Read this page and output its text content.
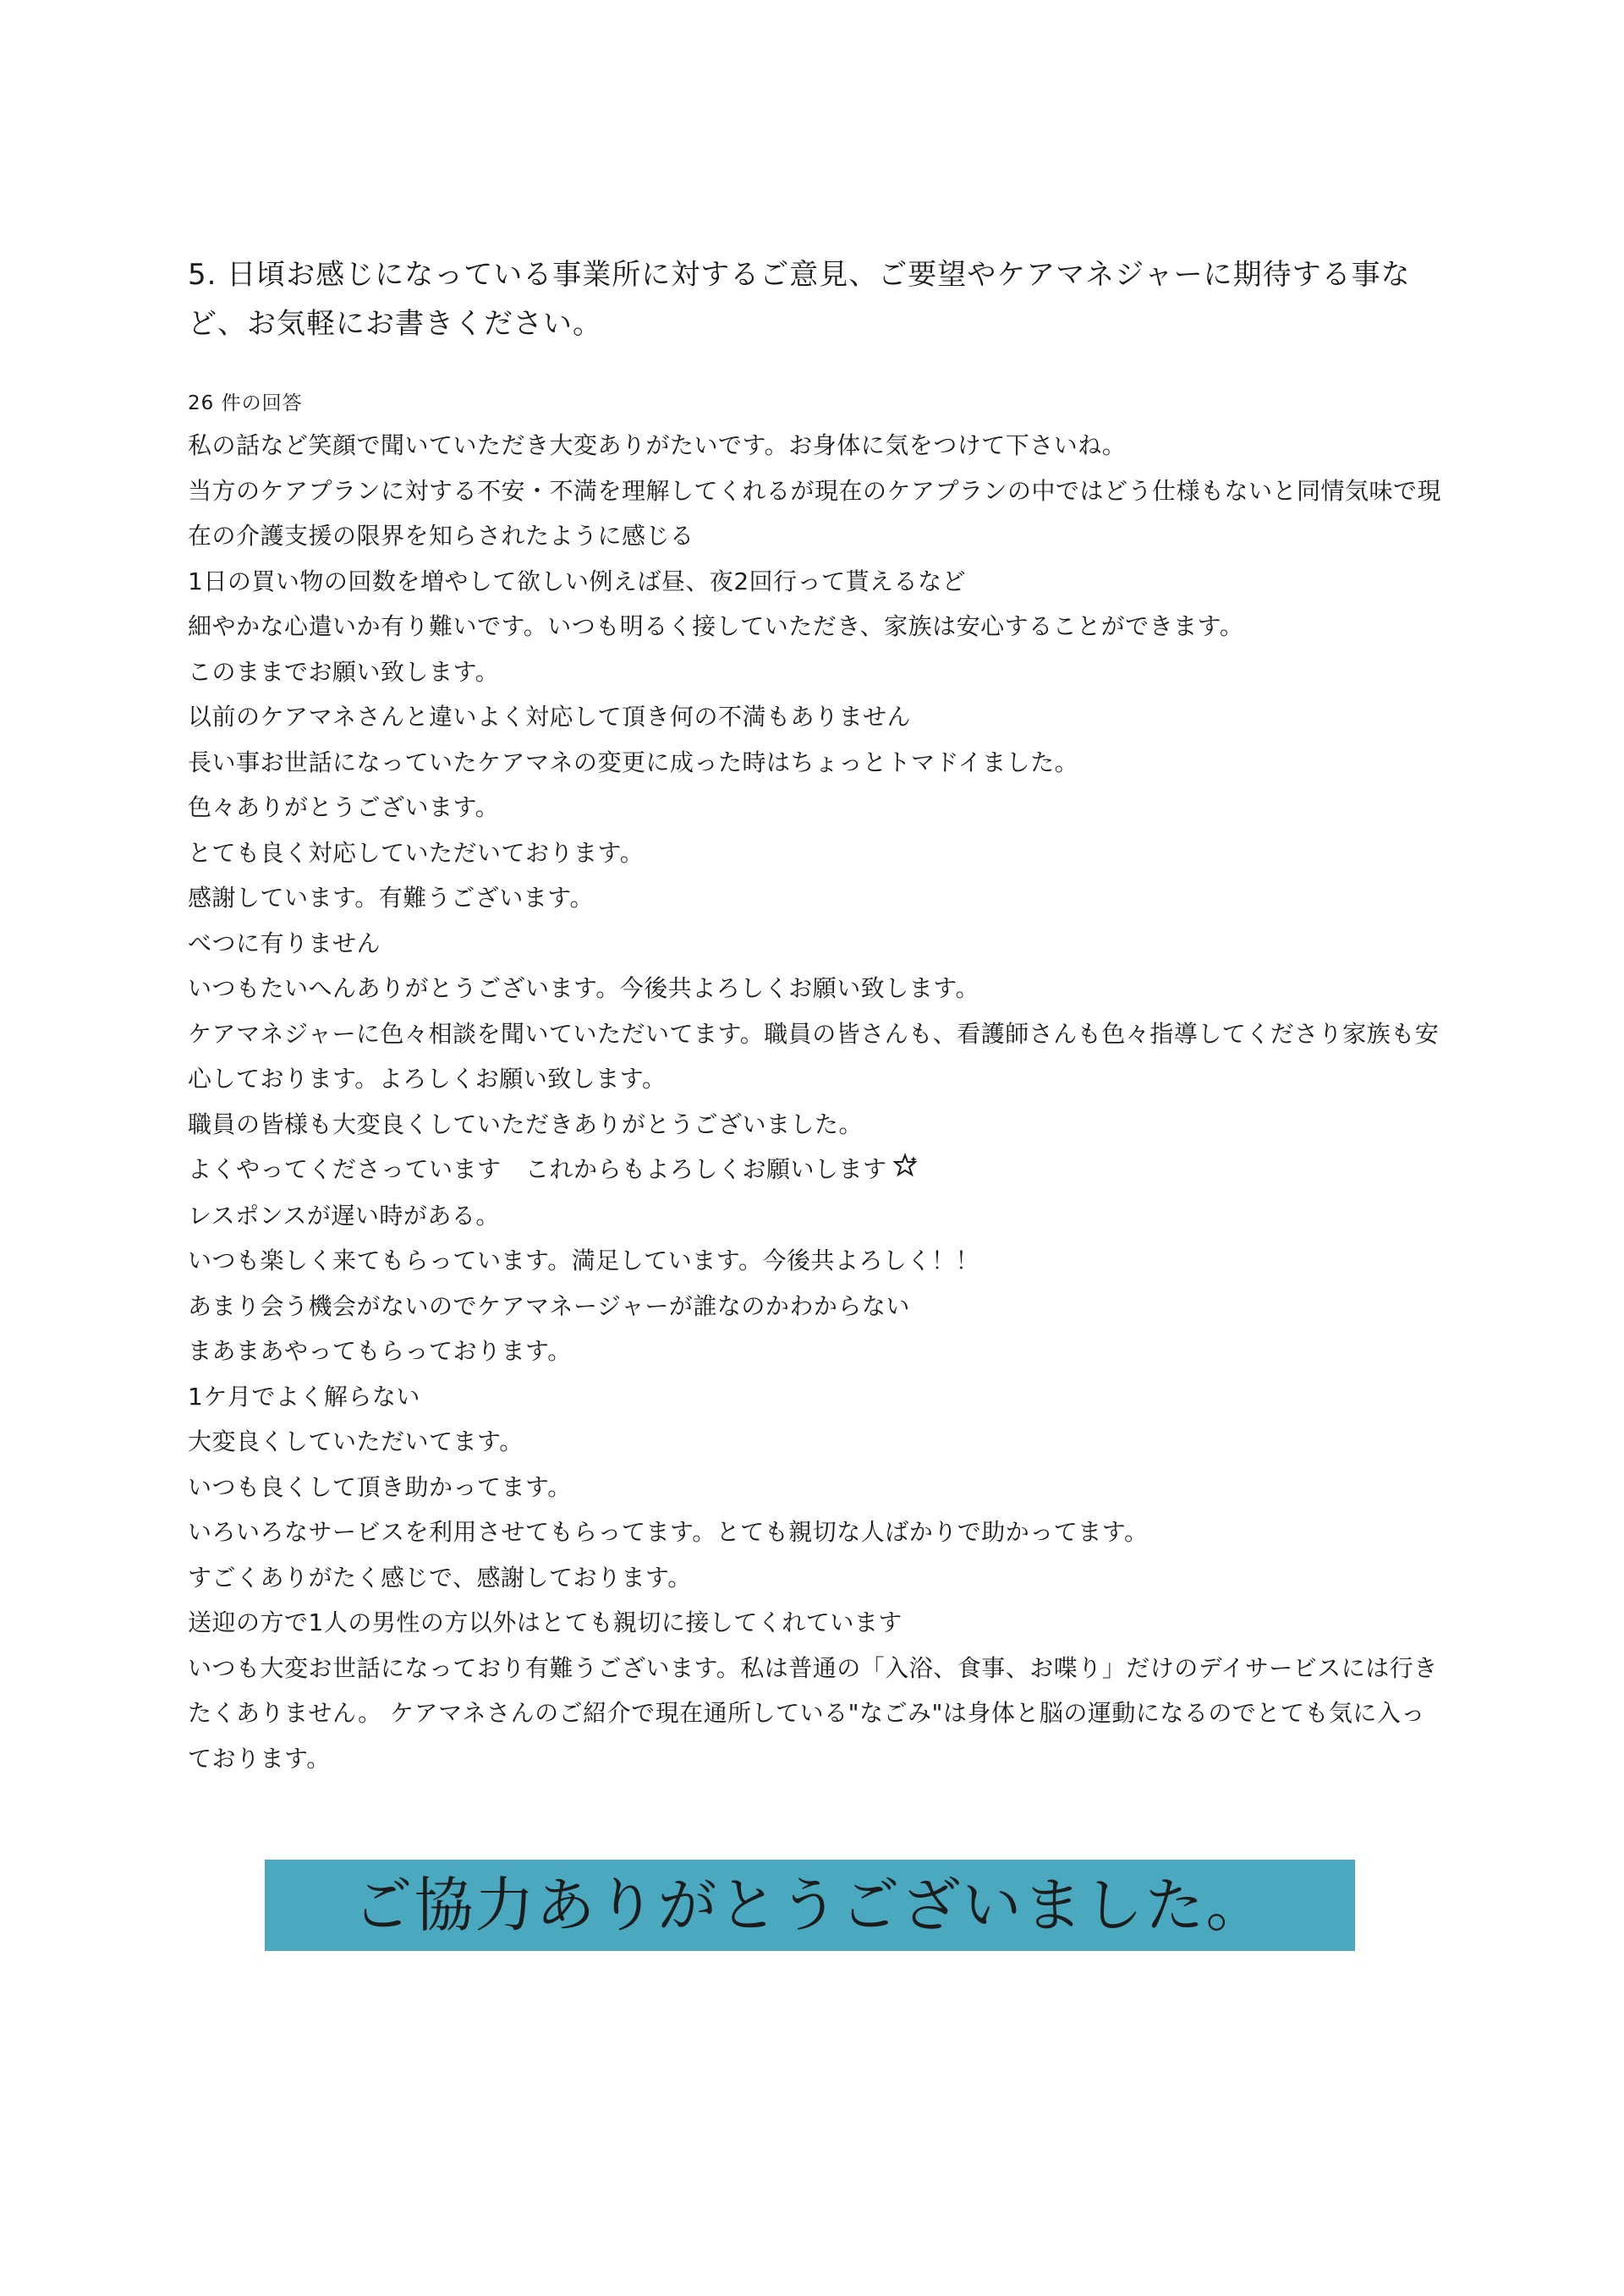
5. 日頃お感じになっている事業所に対するご意見、ご要望やケアマネジャーに期待する事など、お気軽にお書きください。
26 件の回答
私の話など笑顔で聞いていただき大変ありがたいです。お身体に気をつけて下さいね。
当方のケアプランに対する不安・不満を理解してくれるが現在のケアプランの中ではどう仕様もないと同情気味で現在の介護支援の限界を知らされたように感じる
1日の買い物の回数を増やして欲しい例えば昼、夜2回行って貰えるなど
細やかな心遣いか有り難いです。いつも明るく接していただき、家族は安心することができます。
このままでお願い致します。
以前のケアマネさんと違いよく対応して頂き何の不満もありません
長い事お世話になっていたケアマネの変更に成った時はちょっとトマドイました。
色々ありがとうございます。
とても良く対応していただいております。
感謝しています。有難うございます。
べつに有りません
いつもたいへんありがとうございます。今後共よろしくお願い致します。
ケアマネジャーに色々相談を聞いていただいてます。職員の皆さんも、看護師さんも色々指導してくださり家族も安心しております。よろしくお願い致します。
職員の皆様も大変良くしていただきありがとうございました。
よくやってくださっています　これからもよろしくお願いします
レスポンスが遅い時がある。
いつも楽しく来てもらっています。満足しています。今後共よろしく！！
あまり会う機会がないのでケアマネージャーが誰なのかわからない
まあまあやってもらっております。
1ケ月でよく解らない
大変良くしていただいてます。
いつも良くして頂き助かってます。
いろいろなサービスを利用させてもらってます。とても親切な人ばかりで助かってます。
すごくありがたく感じで、感謝しております。
送迎の方で1人の男性の方以外はとても親切に接してくれています
いつも大変お世話になっており有難うございます。私は普通の「入浴、食事、お喋り」だけのデイサービスには行きたくありません。 ケアマネさんのご紹介で現在通所している"なごみ"は身体と脳の運動になるのでとても気に入っております。
ご協力ありがとうございました。
